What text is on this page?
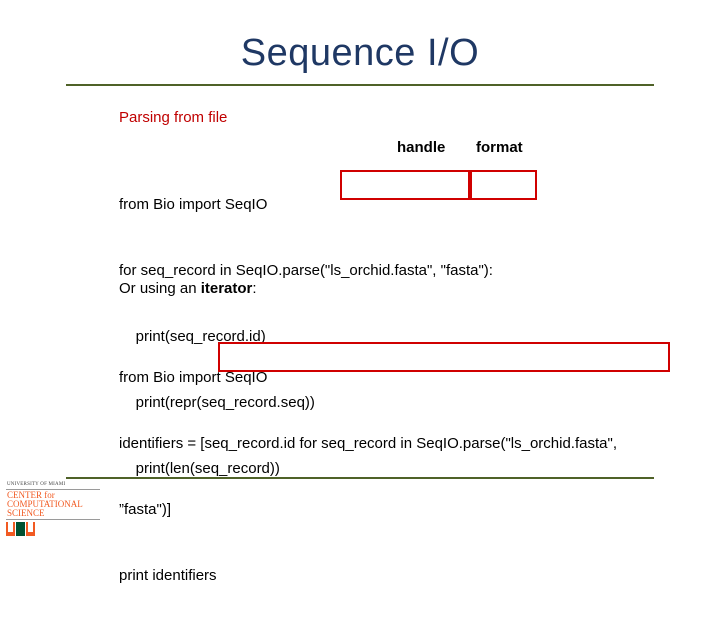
Sequence I/O
Parsing from file
handle format

from Bio import SeqIO

for seq_record in SeqIO.parse("ls_orchid.fasta", "fasta"):

print(seq_record.id)

print(repr(seq_record.seq))

print(len(seq_record))

Or using an iterator:

from Bio import SeqIO

identifiers = [seq_record.id for seq_record in SeqIO.parse("ls_orchid.fasta",

”fasta")]

print identifiers

UNIVERSITY OF MIAMI
CENTER for
COMPUTATIONAL
SCIENCE
